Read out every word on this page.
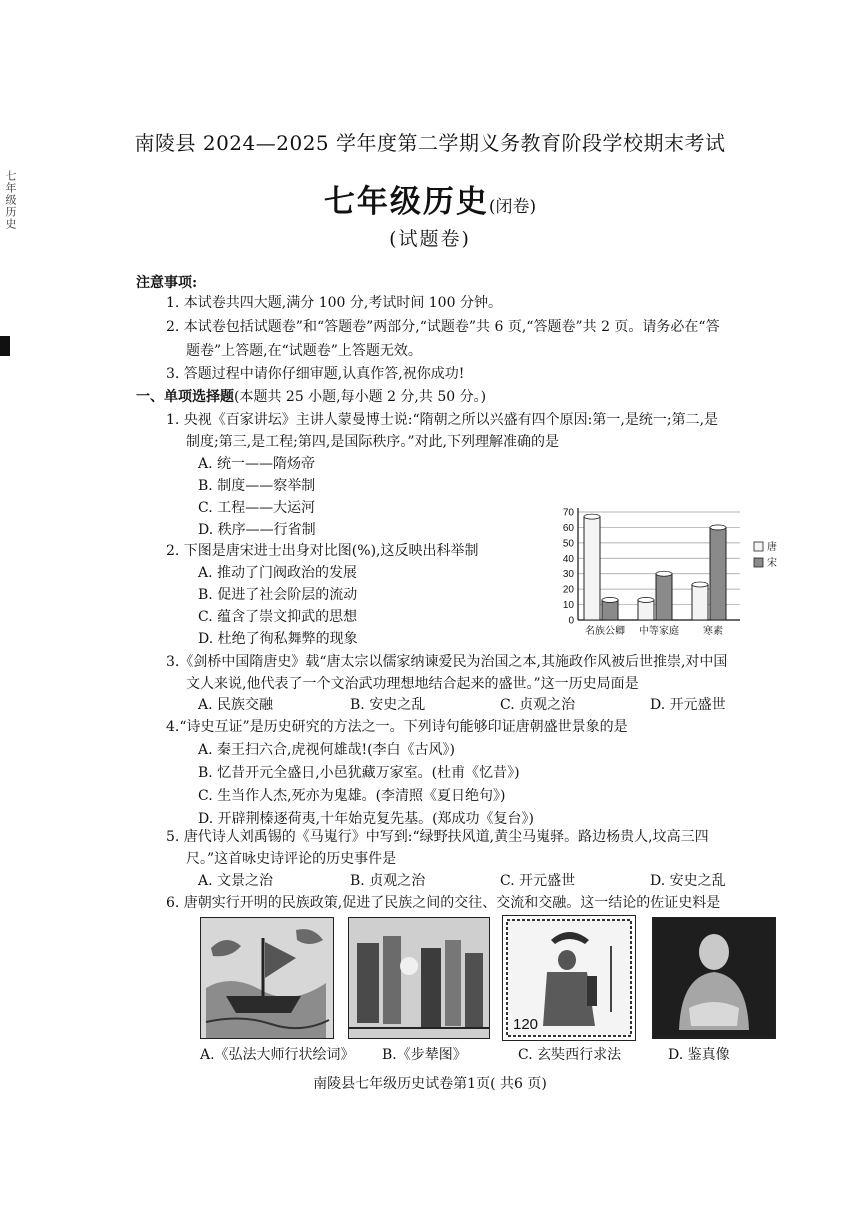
七年级历史
南陵县 2024—2025 学年度第二学期义务教育阶段学校期末考试
七年级历史(闭卷)
(试题卷)
注意事项:
1. 本试卷共四大题,满分 100 分,考试时间 100 分钟。
2. 本试卷包括试题卷”和“答题卷”两部分,“试题卷”共 6 页,“答题卷”共 2 页。请务必在“答
题卷”上答题,在“试题卷”上答题无效。
3. 答题过程中请你仔细审题,认真作答,祝你成功!
一、单项选择题(本题共 25 小题,每小题 2 分,共 50 分。)
1. 央视《百家讲坛》主讲人蒙曼博士说:“隋朝之所以兴盛有四个原因:第一,是统一;第二,是
制度;第三,是工程;第四,是国际秩序。”对此,下列理解准确的是
A. 统一——隋炀帝
B. 制度——察举制
C. 工程——大运河
D. 秩序——行省制
2. 下图是唐宋进士出身对比图(%),这反映出科举制
A. 推动了门阀政治的发展
B. 促进了社会阶层的流动
C. 蕴含了崇文抑武的思想
D. 杜绝了徇私舞弊的现象
0
10
20
30
40
50
60
70
名族公卿 中等家庭 寒素
唐
宋
3.《剑桥中国隋唐史》载“唐太宗以儒家纳谏爱民为治国之本,其施政作风被后世推崇,对中国
文人来说,他代表了一个文治武功理想地结合起来的盛世。”这一历史局面是
A. 民族交融	B. 安史之乱	C. 贞观之治	D. 开元盛世
4.“诗史互证”是历史研究的方法之一。下列诗句能够印证唐朝盛世景象的是
A. 秦王扫六合,虎视何雄哉!(李白《古风》)
B. 忆昔开元全盛日,小邑犹藏万家室。(杜甫《忆昔》)
C. 生当作人杰,死亦为鬼雄。(李清照《夏日绝句》)
D. 开辟荆榛逐荷夷,十年始克复先基。(郑成功《复台》)
5. 唐代诗人刘禹锡的《马嵬行》中写到:“绿野扶风道,黄尘马嵬驿。路边杨贵人,坟高三四
尺。”这首咏史诗评论的历史事件是
A. 文景之治	B. 贞观之治	C. 开元盛世	D. 安史之乱
6. 唐朝实行开明的民族政策,促进了民族之间的交往、交流和交融。这一结论的佐证史料是
120
A.《弘法大师行状绘词》 B.《步辇图》	C. 玄奘西行求法	D. 鉴真像
南陵县七年级历史试卷第1页( 共6 页)
